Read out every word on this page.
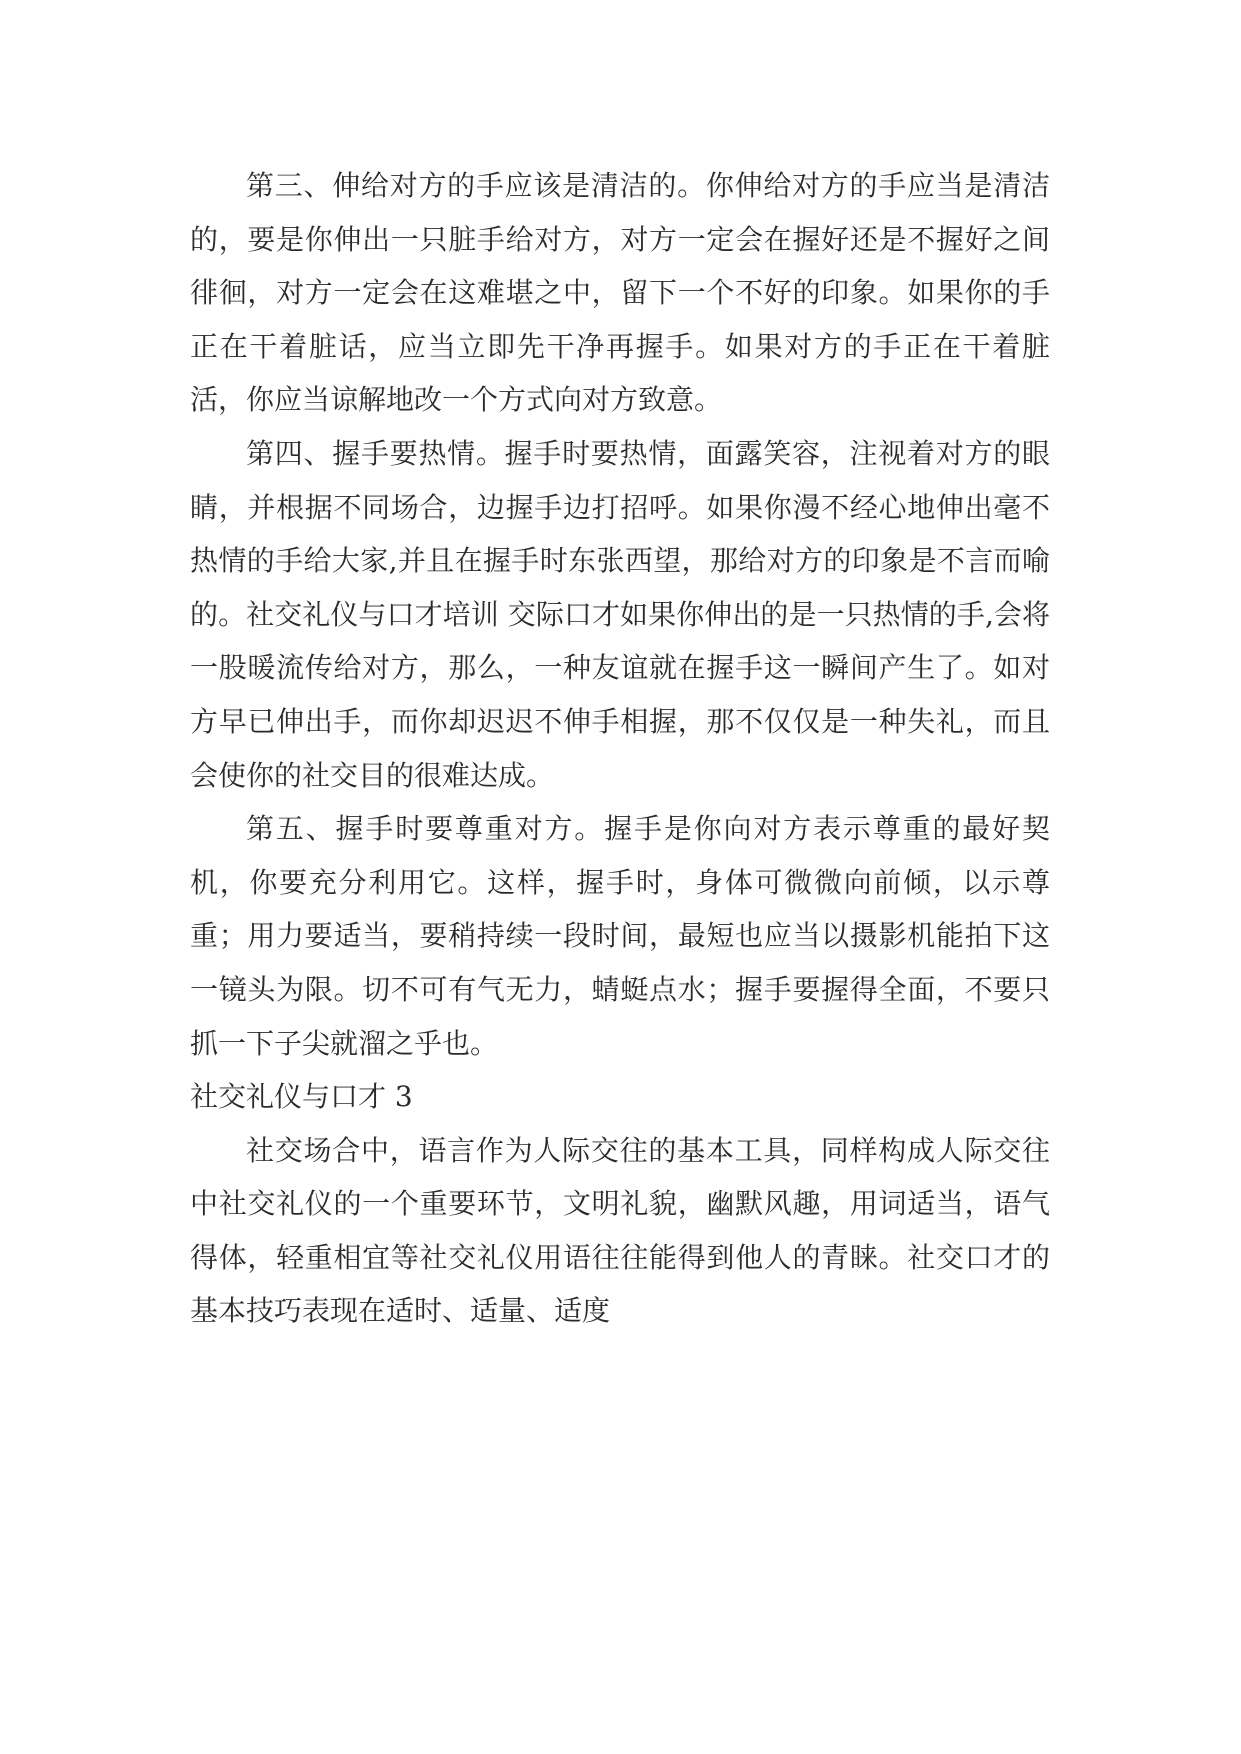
第三、伸给对方的手应该是清洁的。你伸给对方的手应当是清洁的，要是你伸出一只脏手给对方，对方一定会在握好还是不握好之间徘徊，对方一定会在这难堪之中，留下一个不好的印象。如果你的手正在干着脏话，应当立即先干净再握手。如果对方的手正在干着脏活，你应当谅解地改一个方式向对方致意。

第四、握手要热情。握手时要热情，面露笑容，注视着对方的眼睛，并根据不同场合，边握手边打招呼。如果你漫不经心地伸出毫不热情的手给大家,并且在握手时东张西望，那给对方的印象是不言而喻的。社交礼仪与口才培训 交际口才如果你伸出的是一只热情的手,会将一股暖流传给对方，那么，一种友谊就在握手这一瞬间产生了。如对方早已伸出手，而你却迟迟不伸手相握，那不仅仅是一种失礼，而且会使你的社交目的很难达成。

第五、握手时要尊重对方。握手是你向对方表示尊重的最好契机，你要充分利用它。这样，握手时，身体可微微向前倾，以示尊重；用力要适当，要稍持续一段时间，最短也应当以摄影机能拍下这一镜头为限。切不可有气无力，蜻蜓点水；握手要握得全面，不要只抓一下子尖就溜之乎也。

社交礼仪与口才 3

社交场合中，语言作为人际交往的基本工具，同样构成人际交往中社交礼仪的一个重要环节，文明礼貌，幽默风趣，用词适当，语气得体，轻重相宜等社交礼仪用语往往能得到他人的青睐。社交口才的基本技巧表现在适时、适量、适度
